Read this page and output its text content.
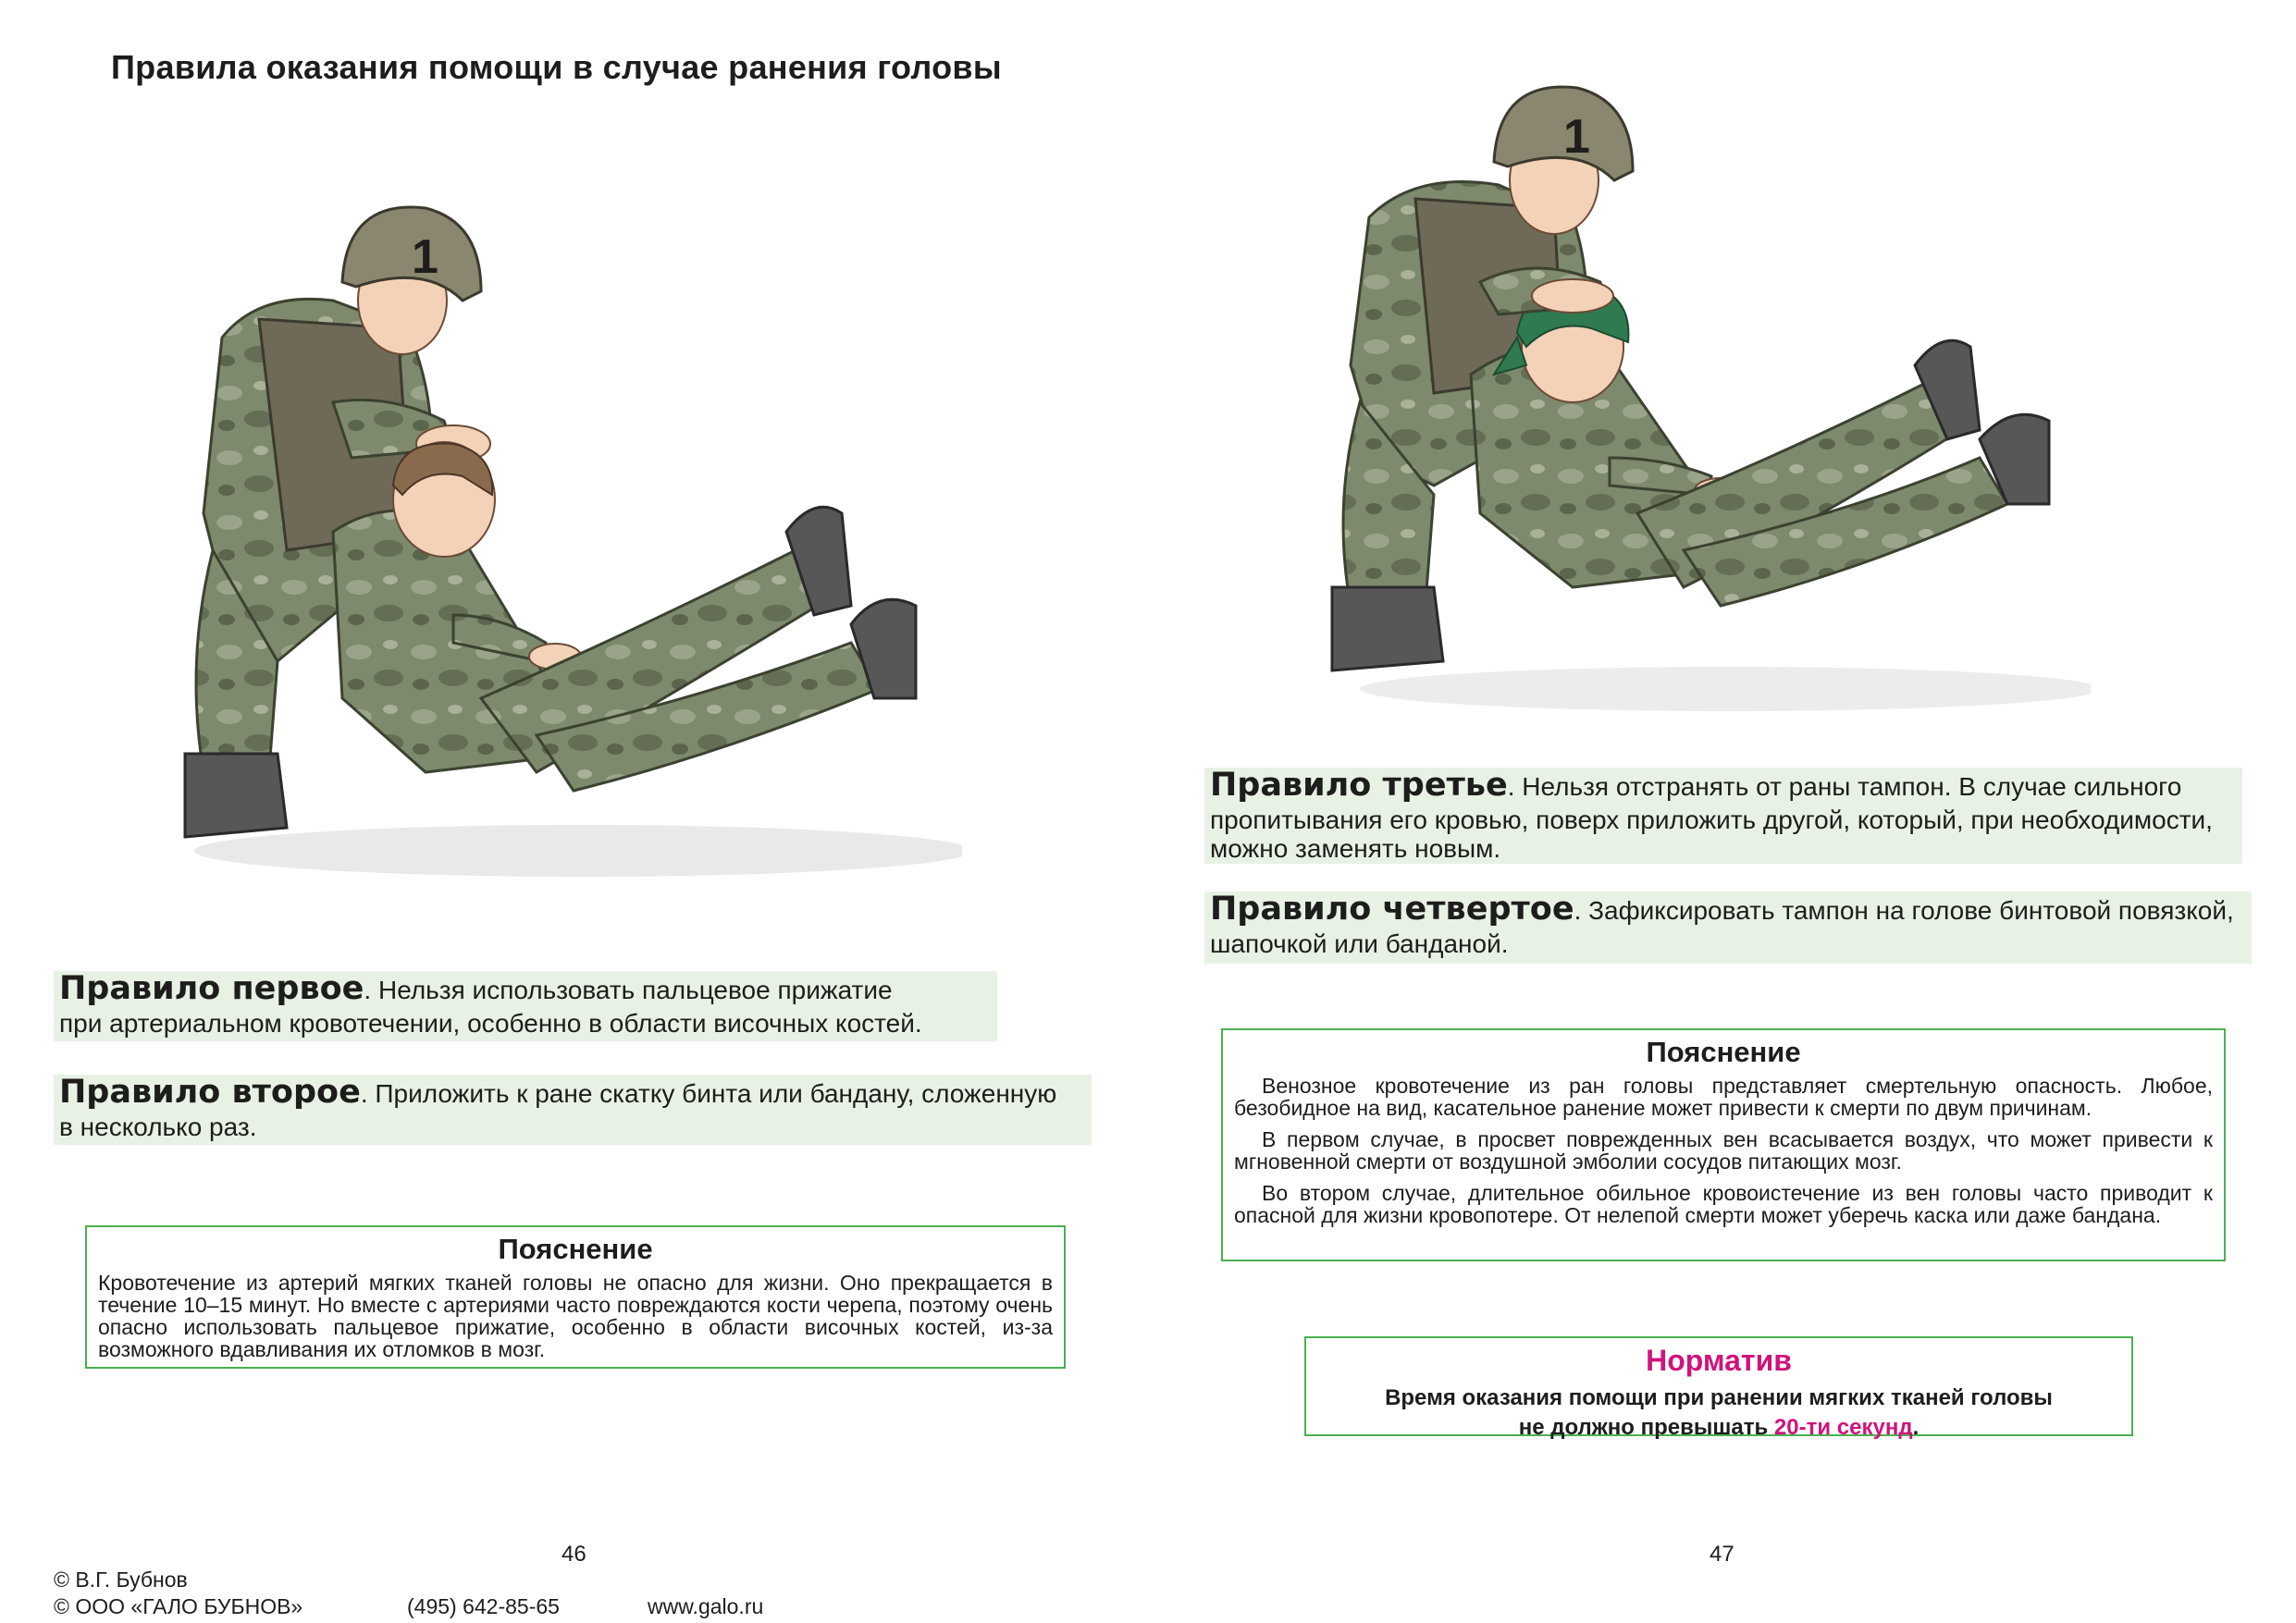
Правила оказания помощи в случае ранения головы
1
1

Правило первое. Нельзя использовать пальцевое прижатие

при артериальном кровотечении, особенно в области височных костей.

Правило вторoе. Приложить к ране скатку бинта или бандану, сложенную

в несколько раз.

Пояснение

Кровотечение из артерий мягких тканей головы не опасно для жизни. Оно прекращается в течение 10–15 минут. Но вместе с артериями часто повреждаются кости черепа, поэтому очень опасно использовать пальцевое прижатие, особенно в области височных костей, из-за возможного вдавливания их отломков в мозг.

Правило третье. Нельзя отстранять от раны тампон. В случае сильного

пропитывания его кровью, поверх приложить другой, который, при необходимости,

можно заменять новым.

Правило четвертое. Зафиксировать тампон на голове бинтовой повязкой,

шапочкой или банданой.

Пояснение

Венозное кровотечение из ран головы представляет смертельную опасность. Любое, безобидное на вид, касательное ранение может привести к смерти по двум причинам.

В первом случае, в просвет поврежденных вен всасывается воздух, что может привести к мгновенной смерти от воздушной эмболии сосудов питающих мозг.

Во втором случае, длительное обильное кровоистечение из вен головы часто приводит к опасной для жизни кровопотере. От нелепой смерти может уберечь каска или даже бандана.

Норматив

Время оказания помощи при ранении мягких тканей головы

не должно превышать 20-ти секунд.

46	47
© В.Г. Бубнов
© ООО «ГАЛО БУБНОВ»	(495) 642-85-65	www.galo.ru
